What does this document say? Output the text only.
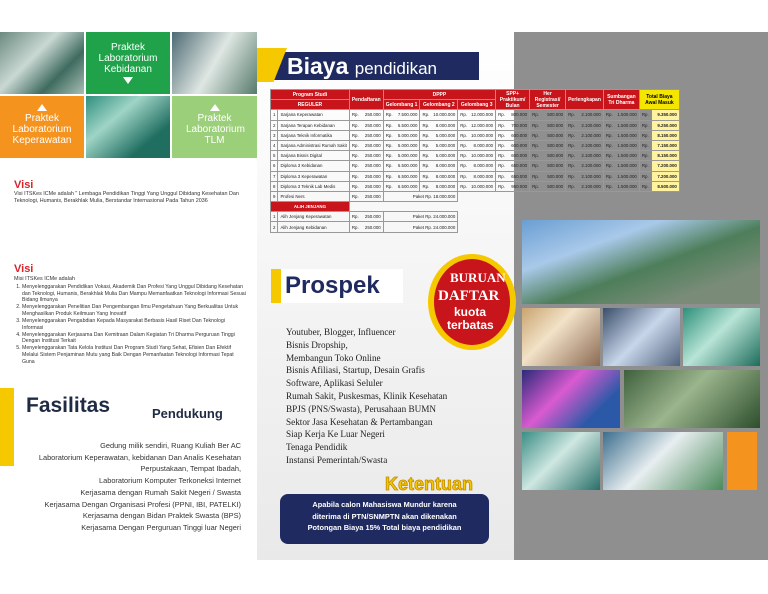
Praktek Laboratorium Kebidanan
Praktek Laboratorium Keperawatan
Praktek Laboratorium TLM
Visi
Visi ITSKes ICMe adalah " Lembaga Pendidikan Tinggi Yang Unggul Dibidang Kesehatan Dan Teknologi, Humanis, Berakhlak Mulia, Berstandar Internasional Pada Tahun 2036
Visi
Misi ITSKes ICMe adalah
1. Menyelenggarakan Pendidikan Vokasi, Akademik Dan Profesi Yang Unggul Dibidang Kesehatan dan Teknologi, Humanis, Berakhlak Mulia Dan Mampu Memanfaatkan Teknologi Informasi Sesuai Bidang Ilmunya
2. Menyelenggarakan Penelitian Dan Pengembangan Ilmu Pengetahuan Yang Berkualitas Untuk Menghasilkan Produk Keilmuan Yang Inovatif
3. Menyelenggarakan Pengabdian Kepada Masyarakat Berbasis Hasil Riset Dan Teknologi Informasi
4. Menyelenggarakan Kerjasama Dan Kemitraan Dalam Kegiatan Tri Dharma Perguruan Tinggi Dengan Institusi Terkait
5. Menyelenggarakan Tata Kelola Institusi Dan Program Studi Yang Sehat, Efisien Dan Efektif Melalui Sistem Penjaminan Mutu yang Baik Dengan Pemanfaatan Teknologi Informasi Tepat Guna
Fasilitas	Pendukung
Gedung milik sendiri, Ruang Kuliah Ber AC
Laboratorium Keperawatan, kebidanan Dan Analis Kesehatan
Perpustakaan, Tempat Ibadah,
Laboratorium Komputer Terkoneksi Internet
Kerjasama dengan Rumah Sakit Negeri / Swasta
Kerjasama Dengan Organisasi Profesi (PPNI, IBI, PATELKI)
Kerjasama dengan Bidan Praktek Swasta (BPS)
Kerjasama Dengan Perguruan Tinggi luar Negeri
Biaya pendidikan
Program Studi		Pendaftaran		DPPP						SPP+ Praktikum/ Bulan		Her Registrasi/ Semester		Perlengkapan		Sumbangan Tri Dharma		Total Biaya Awal Masuk	
REGULER				Gelombang 1		Gelombang 2		Gelombang 3											
1	Sarjana Keperawatan	Rp.	250.000	Rp.	7.500.000	Rp.	10.000.000	Rp.	12.000.000	Rp.	800.000	Rp.	500.000	Rp.	2.100.000	Rp.	1.500.000	Rp.	9.350.000
2	Sarjana Terapan Kebidanan	Rp.	250.000	Rp.	6.500.000	Rp.	8.000.000	Rp.	12.000.000	Rp.	700.000	Rp.	500.000	Rp.	2.100.000	Rp.	1.500.000	Rp.	9.250.000
3	Sarjana Teknik Informatika	Rp.	250.000	Rp.	5.000.000	Rp.	5.000.000	Rp.	10.000.000	Rp.	600.000	Rp.	500.000	Rp.	2.100.000	Rp.	1.500.000	Rp.	8.150.000
4	Sarjana Administrasi Rumah Sakit	Rp.	250.000	Rp.	5.000.000	Rp.	5.000.000	Rp.	8.000.000	Rp.	600.000	Rp.	500.000	Rp.	2.100.000	Rp.	1.500.000	Rp.	7.150.000
5	Sarjana Bisnis Digital	Rp.	250.000	Rp.	5.000.000	Rp.	5.000.000	Rp.	10.000.000	Rp.	600.000	Rp.	500.000	Rp.	2.100.000	Rp.	1.500.000	Rp.	8.150.000
6	Diploma 3 Kebidanan	Rp.	250.000	Rp.	6.500.000	Rp.	8.000.000	Rp.	8.000.000	Rp.	650.000	Rp.	500.000	Rp.	2.100.000	Rp.	1.500.000	Rp.	7.200.000
7	Diploma 3 Keperawatan	Rp.	250.000	Rp.	6.500.000	Rp.	8.000.000	Rp.	8.000.000	Rp.	650.000	Rp.	500.000	Rp.	2.100.000	Rp.	1.500.000	Rp.	7.200.000
8	Diploma 3 Teknik Lab Medis	Rp.	250.000	Rp.	6.500.000	Rp.	8.000.000	Rp.	10.000.000	Rp.	950.000	Rp.	500.000	Rp.	2.100.000	Rp.	1.500.000	Rp.	8.500.000
9	Profesi Ners	Rp.	250.000	Paket Rp. 18.000.000															
ALIH JENJANG																			
1	Alih Jenjang Keperawatan	Rp.	250.000	Paket Rp. 24.000.000															
2	Alih Jenjang Kebidanan	Rp.	250.000	Paket Rp. 24.000.000															
Prospek	BURUAN
DAFTAR
kuota
terbatas
Youtuber, Blogger, Influencer
Bisnis Dropship,
Membangun Toko Online
Bisnis Afiliasi, Startup, Desain Grafis
Software, Aplikasi Seluler
Rumah Sakit, Puskesmas, Klinik Kesehatan
BPJS (PNS/Swasta), Perusahaan BUMN
Sektor Jasa Kesehatan & Pertambangan
Siap Kerja Ke Luar Negeri
Tenaga Pendidik
Instansi Pemerintah/Swasta
Ketentuan
Apabila calon Mahasiswa Mundur karena
diterima di PTN/SNMPTN akan dikenakan
Potongan Biaya 15% Total biaya pendidikan
